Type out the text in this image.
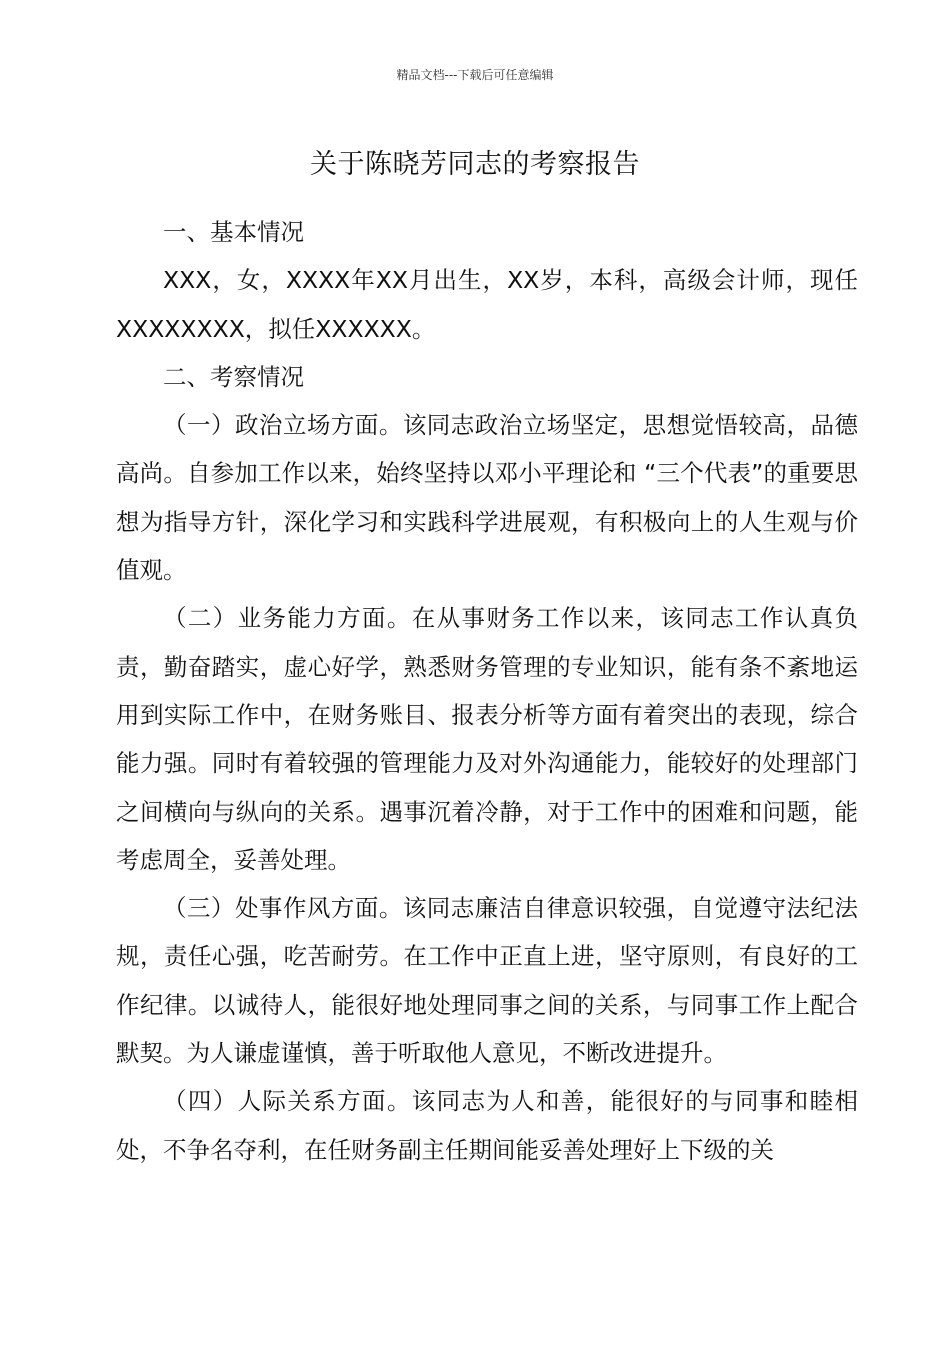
精品文档---下载后可任意编辑
关于陈晓芳同志的考察报告

一、基本情况

XXX，女，XXXX年XX月出生，XX岁，本科，高级会计师，现任XXXXXXXX，拟任XXXXXX。

二、考察情况

（一）政治立场方面。该同志政治立场坚定，思想觉悟较高，品德高尚。自参加工作以来，始终坚持以邓小平理论和 “三个代表”的重要思想为指导方针，深化学习和实践科学进展观，有积极向上的人生观与价值观。

（二）业务能力方面。在从事财务工作以来，该同志工作认真负责，勤奋踏实，虚心好学，熟悉财务管理的专业知识，能有条不紊地运用到实际工作中，在财务账目、报表分析等方面有着突出的表现，综合能力强。同时有着较强的管理能力及对外沟通能力，能较好的处理部门之间横向与纵向的关系。遇事沉着冷静，对于工作中的困难和问题，能考虑周全，妥善处理。

（三）处事作风方面。该同志廉洁自律意识较强，自觉遵守法纪法规，责任心强，吃苦耐劳。在工作中正直上进，坚守原则，有良好的工作纪律。以诚待人，能很好地处理同事之间的关系，与同事工作上配合默契。为人谦虚谨慎，善于听取他人意见，不断改进提升。

（四）人际关系方面。该同志为人和善，能很好的与同事和睦相处，不争名夺利，在任财务副主任期间能妥善处理好上下级的关
